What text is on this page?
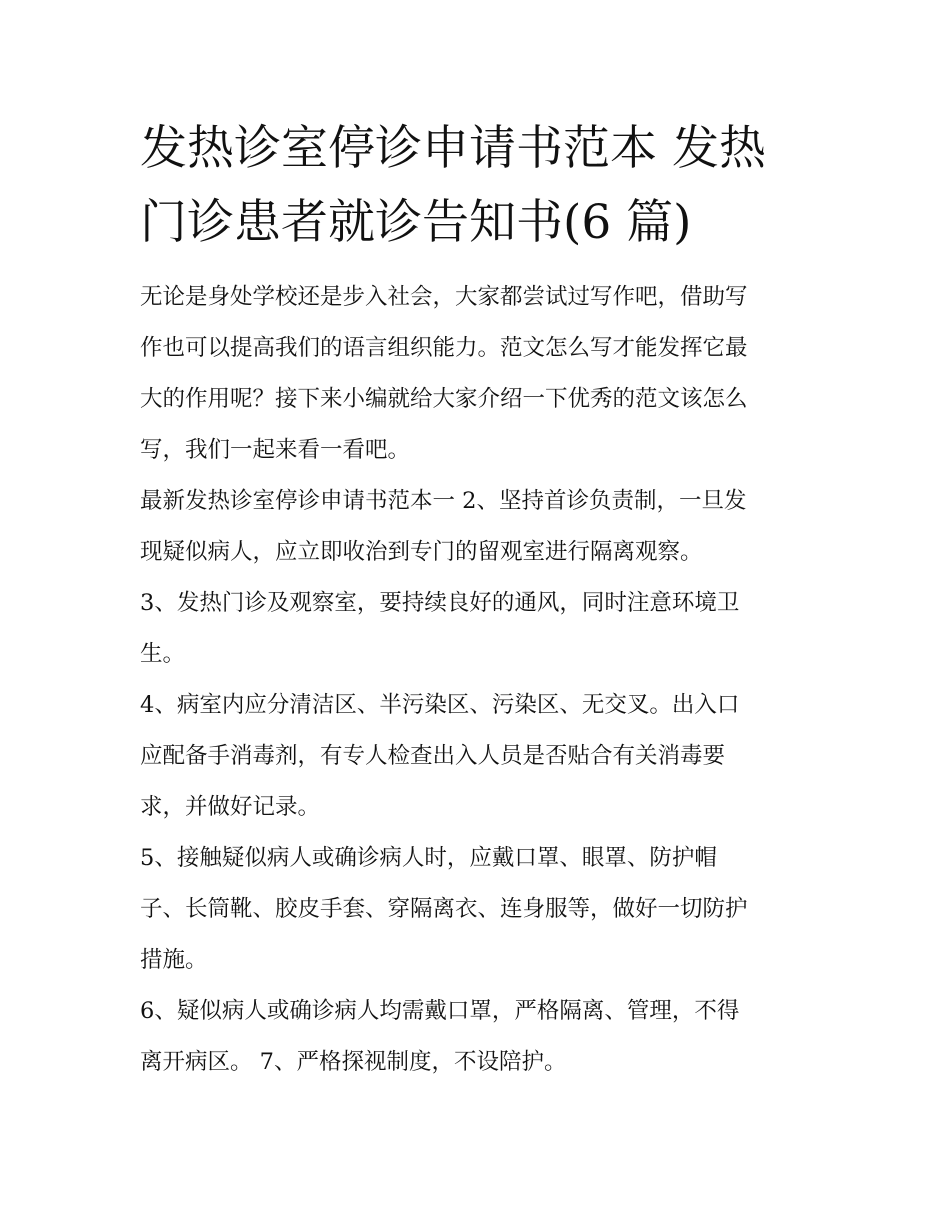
发热诊室停诊申请书范本 发热
门诊患者就诊告知书(6 篇)

无论是身处学校还是步入社会，大家都尝试过写作吧，借助写
作也可以提高我们的语言组织能力。范文怎么写才能发挥它最
大的作用呢？接下来小编就给大家介绍一下优秀的范文该怎么
写，我们一起来看一看吧。

最新发热诊室停诊申请书范本一 2、坚持首诊负责制，一旦发
现疑似病人，应立即收治到专门的留观室进行隔离观察。

3、发热门诊及观察室，要持续良好的通风，同时注意环境卫
生。

4、病室内应分清洁区、半污染区、污染区、无交叉。出入口
应配备手消毒剂，有专人检查出入人员是否贴合有关消毒要
求，并做好记录。

5、接触疑似病人或确诊病人时，应戴口罩、眼罩、防护帽
子、长筒靴、胶皮手套、穿隔离衣、连身服等，做好一切防护
措施。

6、疑似病人或确诊病人均需戴口罩，严格隔离、管理，不得
离开病区。 7、严格探视制度，不设陪护。
